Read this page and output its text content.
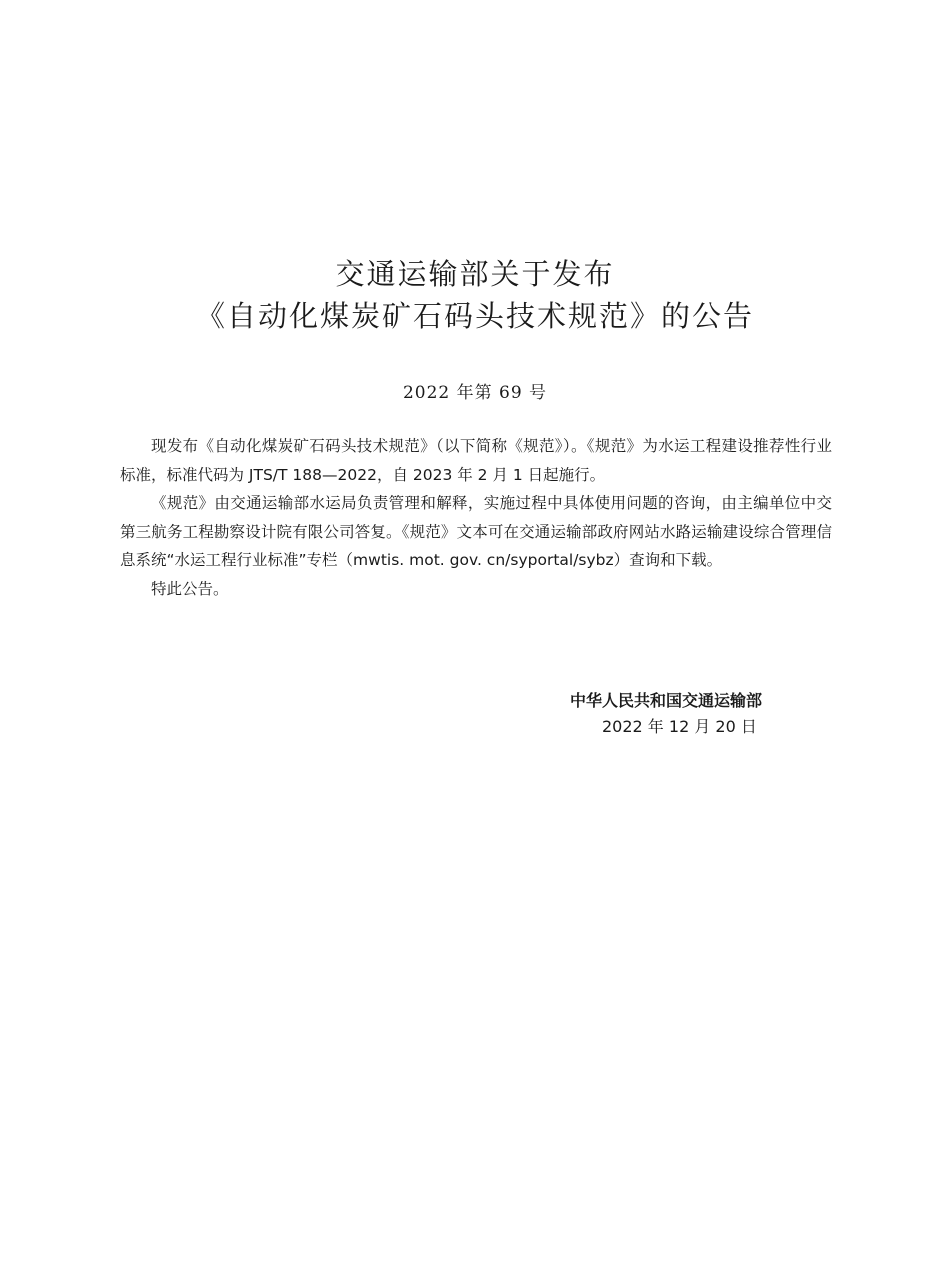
交通运输部关于发布
《自动化煤炭矿石码头技术规范》的公告
2022 年第 69 号

现发布《自动化煤炭矿石码头技术规范》（以下简称《规范》）。《规范》为水运工程建设推荐性行业标准，标准代码为 JTS/T 188—2022，自 2023 年 2 月 1 日起施行。

《规范》由交通运输部水运局负责管理和解释，实施过程中具体使用问题的咨询，由主编单位中交第三航务工程勘察设计院有限公司答复。《规范》文本可在交通运输部政府网站水路运输建设综合管理信息系统“水运工程行业标准”专栏（mwtis. mot. gov. cn/syportal/sybz）查询和下载。

特此公告。

中华人民共和国交通运输部
2022 年 12 月 20 日
